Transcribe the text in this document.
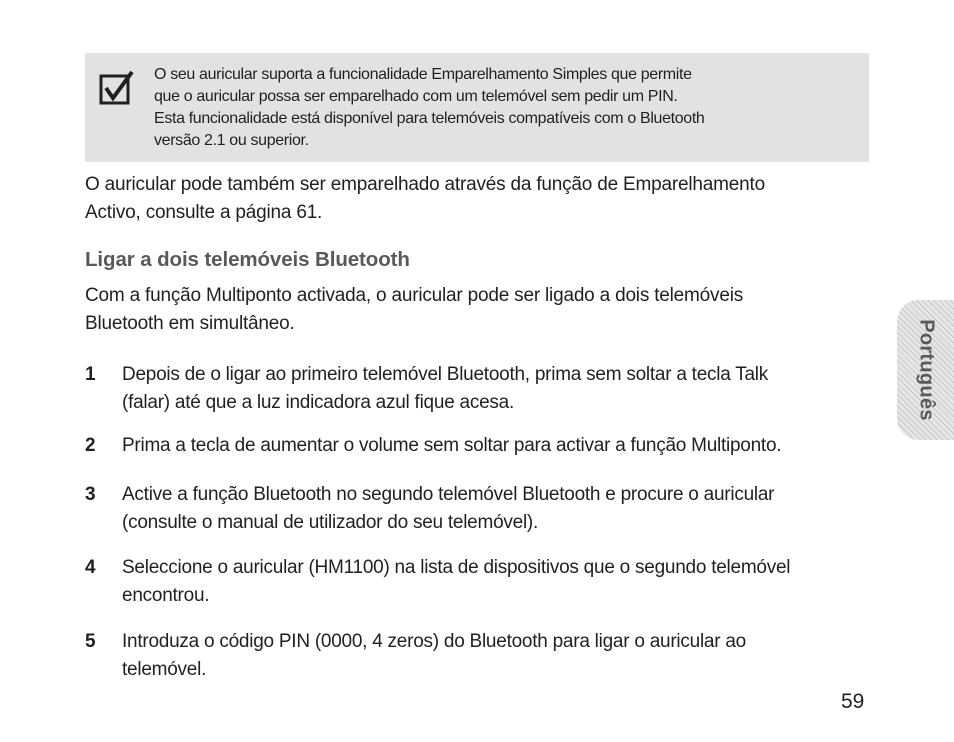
O seu auricular suporta a funcionalidade Emparelhamento Simples que permite
que o auricular possa ser emparelhado com um telemóvel sem pedir um PIN.
Esta funcionalidade está disponível para telemóveis compatíveis com o Bluetooth
versão 2.1 ou superior.

O auricular pode também ser emparelhado através da função de Emparelhamento
Activo, consulte a página 61.

Ligar a dois telemóveis Bluetooth

Com a função Multiponto activada, o auricular pode ser ligado a dois telemóveis
Bluetooth em simultâneo.

1 Depois de o ligar ao primeiro telemóvel Bluetooth, prima sem soltar a tecla Talk
(falar) até que a luz indicadora azul fique acesa.
2 Prima a tecla de aumentar o volume sem soltar para activar a função Multiponto.
3 Active a função Bluetooth no segundo telemóvel Bluetooth e procure o auricular
(consulte o manual de utilizador do seu telemóvel).
4 Seleccione o auricular (HM1100) na lista de dispositivos que o segundo telemóvel
encontrou.
5 Introduza o código PIN (0000, 4 zeros) do Bluetooth para ligar o auricular ao
telemóvel.
Português
59
